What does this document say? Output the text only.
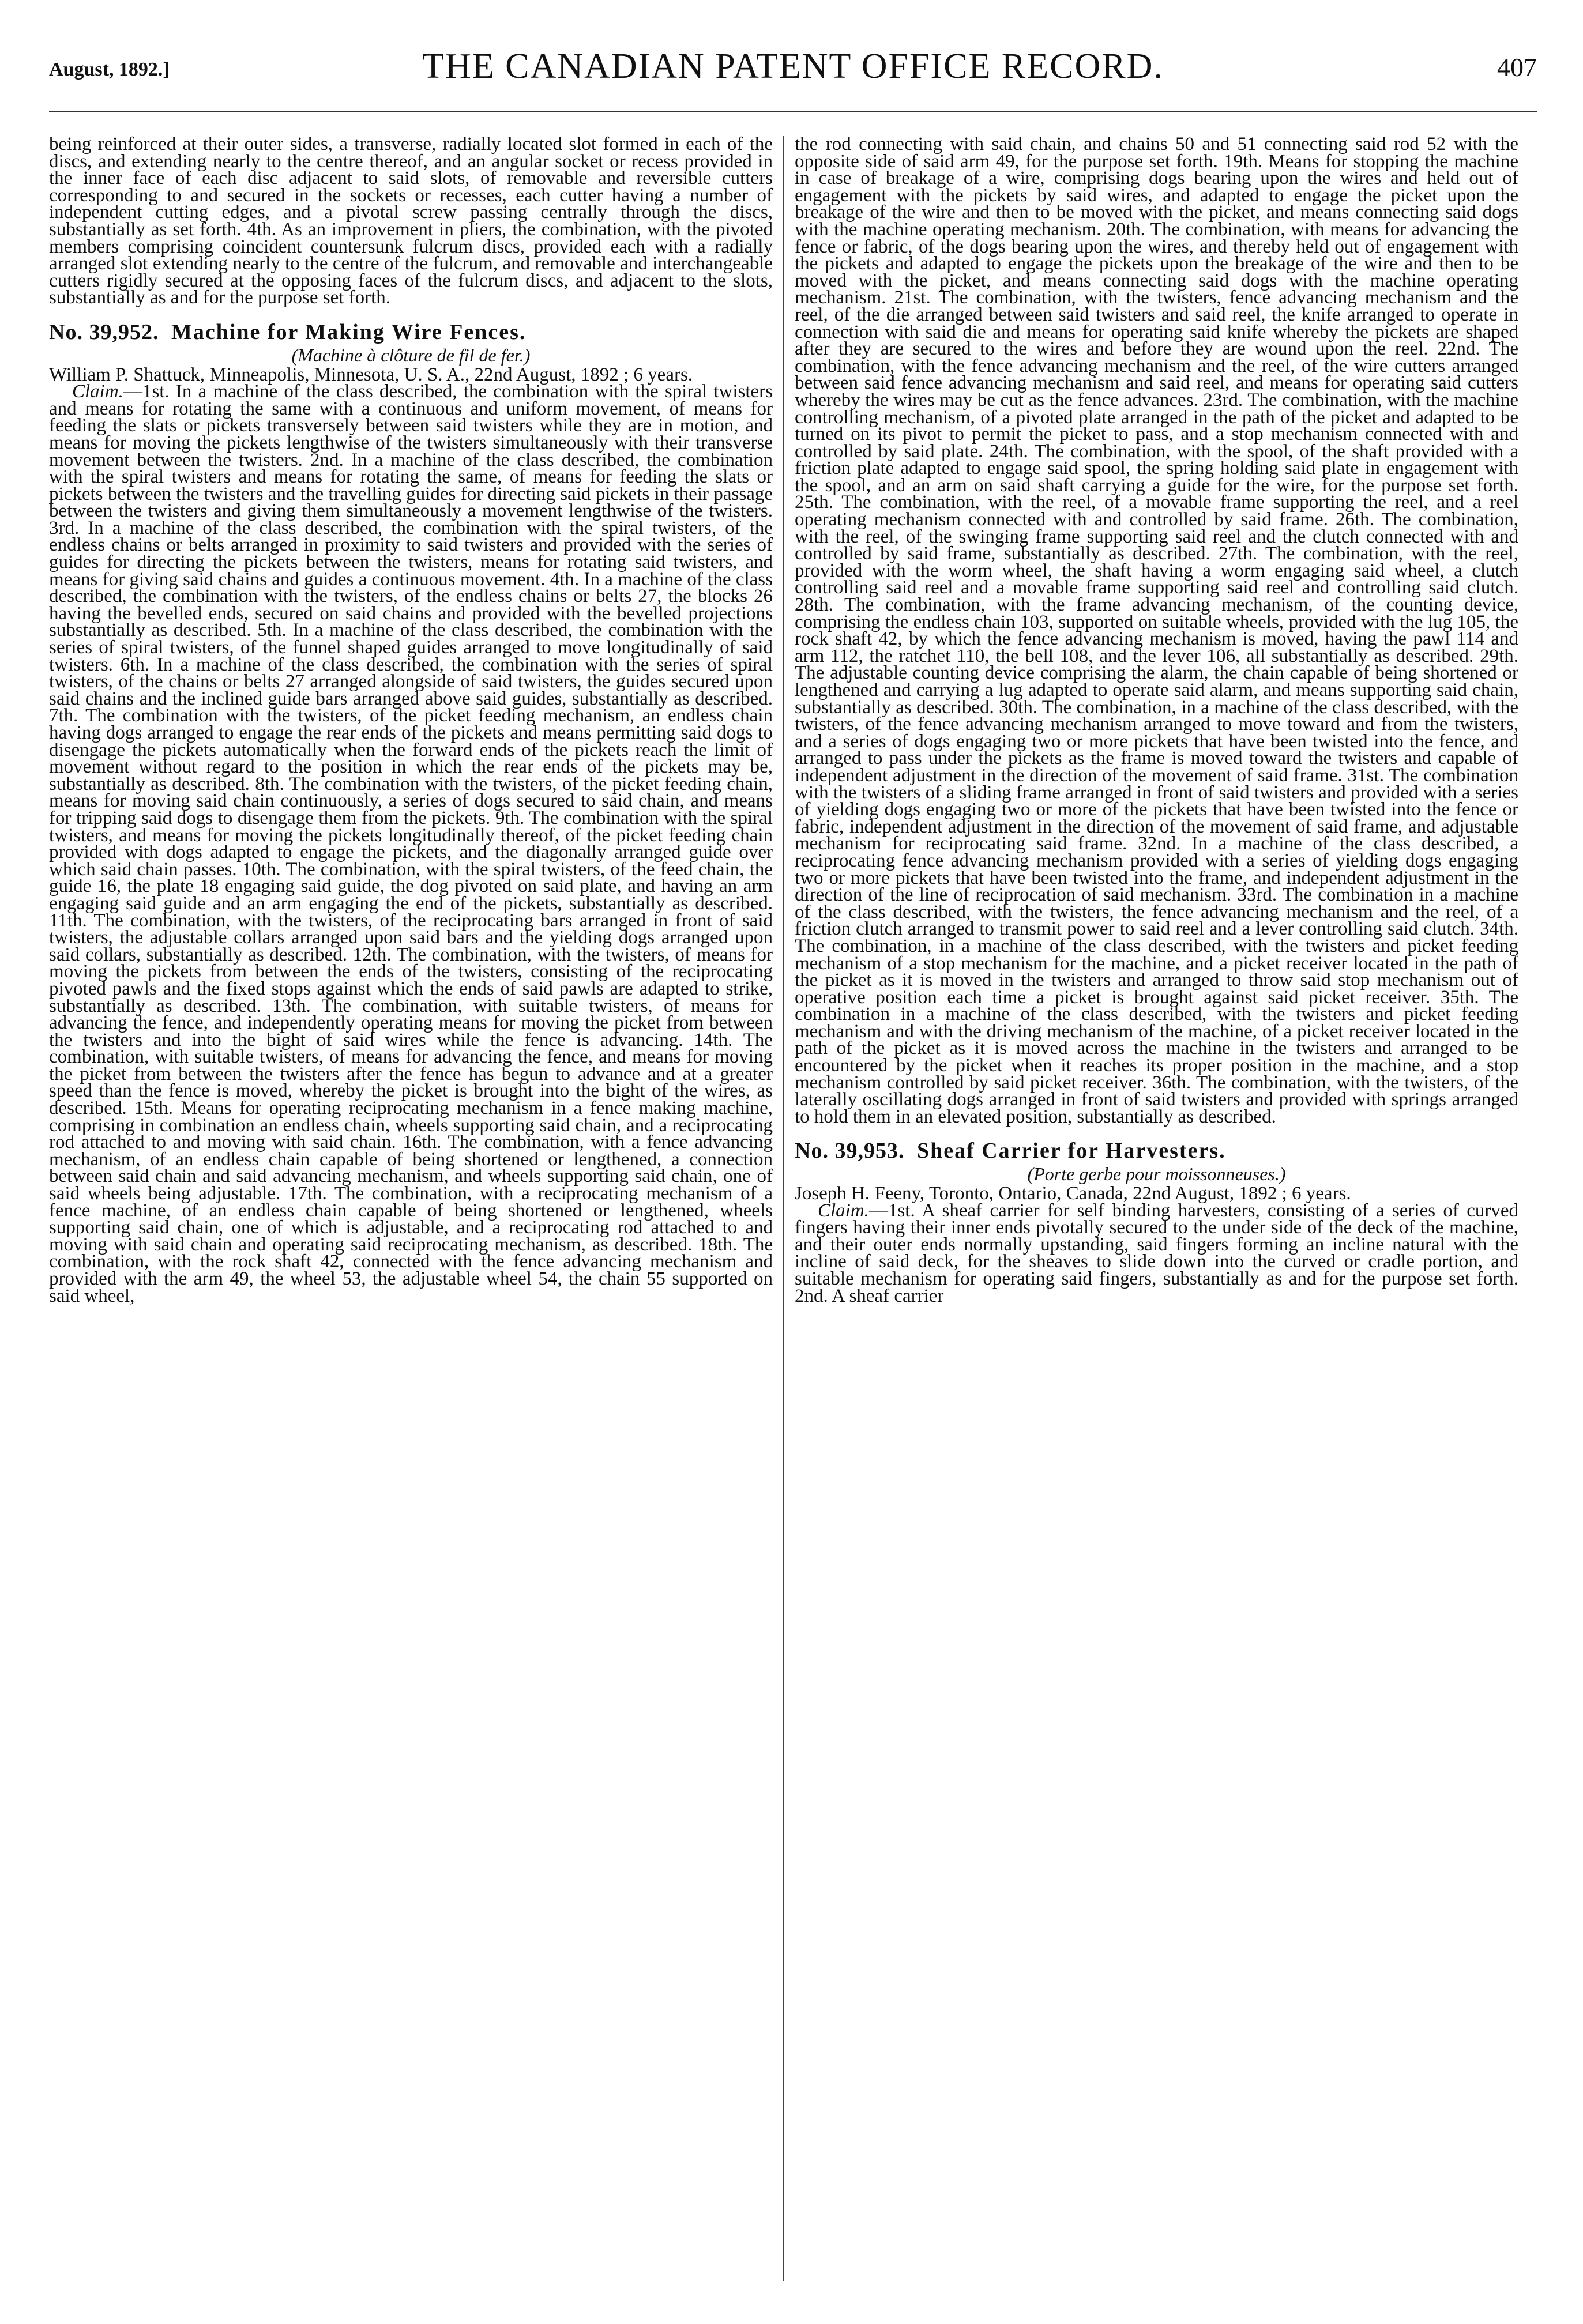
August, 1892.]	THE CANADIAN PATENT OFFICE RECORD.	407

being reinforced at their outer sides, a transverse, radially located slot formed in each of the discs, and extending nearly to the centre thereof, and an angular socket or recess provided in the inner face of each disc adjacent to said slots, of removable and reversible cutters corresponding to and secured in the sockets or recesses, each cutter having a number of independent cutting edges, and a pivotal screw passing centrally through the discs, substantially as set forth. 4th. As an improvement in pliers, the combination, with the pivoted members comprising coincident countersunk fulcrum discs, provided each with a radially arranged slot extending nearly to the centre of the fulcrum, and removable and interchangeable cutters rigidly secured at the opposing faces of the fulcrum discs, and adjacent to the slots, substantially as and for the purpose set forth.

No. 39,952. Machine for Making Wire Fences.

(Machine à clôture de fil de fer.)

William P. Shattuck, Minneapolis, Minnesota, U. S. A., 22nd August, 1892 ; 6 years.

Claim.—1st. In a machine of the class described, the combination with the spiral twisters and means for rotating the same with a continuous and uniform movement, of means for feeding the slats or pickets transversely between said twisters while they are in motion, and means for moving the pickets lengthwise of the twisters simultaneously with their transverse movement between the twisters. 2nd. In a machine of the class described, the combination with the spiral twisters and means for rotating the same, of means for feeding the slats or pickets between the twisters and the travelling guides for directing said pickets in their passage between the twisters and giving them simultaneously a movement lengthwise of the twisters. 3rd. In a machine of the class described, the combination with the spiral twisters, of the endless chains or belts arranged in proximity to said twisters and provided with the series of guides for directing the pickets between the twisters, means for rotating said twisters, and means for giving said chains and guides a continuous movement. 4th. In a machine of the class described, the combination with the twisters, of the endless chains or belts 27, the blocks 26 having the bevelled ends, secured on said chains and provided with the bevelled projections substantially as described. 5th. In a machine of the class described, the combination with the series of spiral twisters, of the funnel shaped guides arranged to move longitudinally of said twisters. 6th. In a machine of the class described, the combination with the series of spiral twisters, of the chains or belts 27 arranged alongside of said twisters, the guides secured upon said chains and the inclined guide bars arranged above said guides, substantially as described. 7th. The combination with the twisters, of the picket feeding mechanism, an endless chain having dogs arranged to engage the rear ends of the pickets and means permitting said dogs to disengage the pickets automatically when the forward ends of the pickets reach the limit of movement without regard to the position in which the rear ends of the pickets may be, substantially as described. 8th. The combination with the twisters, of the picket feeding chain, means for moving said chain continuously, a series of dogs secured to said chain, and means for tripping said dogs to disengage them from the pickets. 9th. The combination with the spiral twisters, and means for moving the pickets longitudinally thereof, of the picket feeding chain provided with dogs adapted to engage the pickets, and the diagonally arranged guide over which said chain passes. 10th. The combination, with the spiral twisters, of the feed chain, the guide 16, the plate 18 engaging said guide, the dog pivoted on said plate, and having an arm engaging said guide and an arm engaging the end of the pickets, substantially as described. 11th. The combination, with the twisters, of the reciprocating bars arranged in front of said twisters, the adjustable collars arranged upon said bars and the yielding dogs arranged upon said collars, substantially as described. 12th. The combination, with the twisters, of means for moving the pickets from between the ends of the twisters, consisting of the reciprocating pivoted pawls and the fixed stops against which the ends of said pawls are adapted to strike, substantially as described. 13th. The combination, with suitable twisters, of means for advancing the fence, and independently operating means for moving the picket from between the twisters and into the bight of said wires while the fence is advancing. 14th. The combination, with suitable twisters, of means for advancing the fence, and means for moving the picket from between the twisters after the fence has begun to advance and at a greater speed than the fence is moved, whereby the picket is brought into the bight of the wires, as described. 15th. Means for operating reciprocating mechanism in a fence making machine, comprising in combination an endless chain, wheels supporting said chain, and a reciprocating rod attached to and moving with said chain. 16th. The combination, with a fence advancing mechanism, of an endless chain capable of being shortened or lengthened, a connection between said chain and said advancing mechanism, and wheels supporting said chain, one of said wheels being adjustable. 17th. The combination, with a reciprocating mechanism of a fence machine, of an endless chain capable of being shortened or lengthened, wheels supporting said chain, one of which is adjustable, and a reciprocating rod attached to and moving with said chain and operating said reciprocating mechanism, as described. 18th. The combination, with the rock shaft 42, connected with the fence advancing mechanism and provided with the arm 49, the wheel 53, the adjustable wheel 54, the chain 55 supported on said wheel,

the rod connecting with said chain, and chains 50 and 51 connecting said rod 52 with the opposite side of said arm 49, for the purpose set forth. 19th. Means for stopping the machine in case of breakage of a wire, comprising dogs bearing upon the wires and held out of engagement with the pickets by said wires, and adapted to engage the picket upon the breakage of the wire and then to be moved with the picket, and means connecting said dogs with the machine operating mechanism. 20th. The combination, with means for advancing the fence or fabric, of the dogs bearing upon the wires, and thereby held out of engagement with the pickets and adapted to engage the pickets upon the breakage of the wire and then to be moved with the picket, and means connecting said dogs with the machine operating mechanism. 21st. The combination, with the twisters, fence advancing mechanism and the reel, of the die arranged between said twisters and said reel, the knife arranged to operate in connection with said die and means for operating said knife whereby the pickets are shaped after they are secured to the wires and before they are wound upon the reel. 22nd. The combination, with the fence advancing mechanism and the reel, of the wire cutters arranged between said fence advancing mechanism and said reel, and means for operating said cutters whereby the wires may be cut as the fence advances. 23rd. The combination, with the machine controlling mechanism, of a pivoted plate arranged in the path of the picket and adapted to be turned on its pivot to permit the picket to pass, and a stop mechanism connected with and controlled by said plate. 24th. The combination, with the spool, of the shaft provided with a friction plate adapted to engage said spool, the spring holding said plate in engagement with the spool, and an arm on said shaft carrying a guide for the wire, for the purpose set forth. 25th. The combination, with the reel, of a movable frame supporting the reel, and a reel operating mechanism connected with and controlled by said frame. 26th. The combination, with the reel, of the swinging frame supporting said reel and the clutch connected with and controlled by said frame, substantially as described. 27th. The combination, with the reel, provided with the worm wheel, the shaft having a worm engaging said wheel, a clutch controlling said reel and a movable frame supporting said reel and controlling said clutch. 28th. The combination, with the frame advancing mechanism, of the counting device, comprising the endless chain 103, supported on suitable wheels, provided with the lug 105, the rock shaft 42, by which the fence advancing mechanism is moved, having the pawl 114 and arm 112, the ratchet 110, the bell 108, and the lever 106, all substantially as described. 29th. The adjustable counting device comprising the alarm, the chain capable of being shortened or lengthened and carrying a lug adapted to operate said alarm, and means supporting said chain, substantially as described. 30th. The combination, in a machine of the class described, with the twisters, of the fence advancing mechanism arranged to move toward and from the twisters, and a series of dogs engaging two or more pickets that have been twisted into the fence, and arranged to pass under the pickets as the frame is moved toward the twisters and capable of independent adjustment in the direction of the movement of said frame. 31st. The combination with the twisters of a sliding frame arranged in front of said twisters and provided with a series of yielding dogs engaging two or more of the pickets that have been twisted into the fence or fabric, independent adjustment in the direction of the movement of said frame, and adjustable mechanism for reciprocating said frame. 32nd. In a machine of the class described, a reciprocating fence advancing mechanism provided with a series of yielding dogs engaging two or more pickets that have been twisted into the frame, and independent adjustment in the direction of the line of reciprocation of said mechanism. 33rd. The combination in a machine of the class described, with the twisters, the fence advancing mechanism and the reel, of a friction clutch arranged to transmit power to said reel and a lever controlling said clutch. 34th. The combination, in a machine of the class described, with the twisters and picket feeding mechanism of a stop mechanism for the machine, and a picket receiver located in the path of the picket as it is moved in the twisters and arranged to throw said stop mechanism out of operative position each time a picket is brought against said picket receiver. 35th. The combination in a machine of the class described, with the twisters and picket feeding mechanism and with the driving mechanism of the machine, of a picket receiver located in the path of the picket as it is moved across the machine in the twisters and arranged to be encountered by the picket when it reaches its proper position in the machine, and a stop mechanism controlled by said picket receiver. 36th. The combination, with the twisters, of the laterally oscillating dogs arranged in front of said twisters and provided with springs arranged to hold them in an elevated position, substantially as described.

No. 39,953. Sheaf Carrier for Harvesters.

(Porte gerbe pour moissonneuses.)

Joseph H. Feeny, Toronto, Ontario, Canada, 22nd August, 1892 ; 6 years.

Claim.—1st. A sheaf carrier for self binding harvesters, consisting of a series of curved fingers having their inner ends pivotally secured to the under side of the deck of the machine, and their outer ends normally upstanding, said fingers forming an incline natural with the incline of said deck, for the sheaves to slide down into the curved or cradle portion, and suitable mechanism for operating said fingers, substantially as and for the purpose set forth. 2nd. A sheaf carrier
